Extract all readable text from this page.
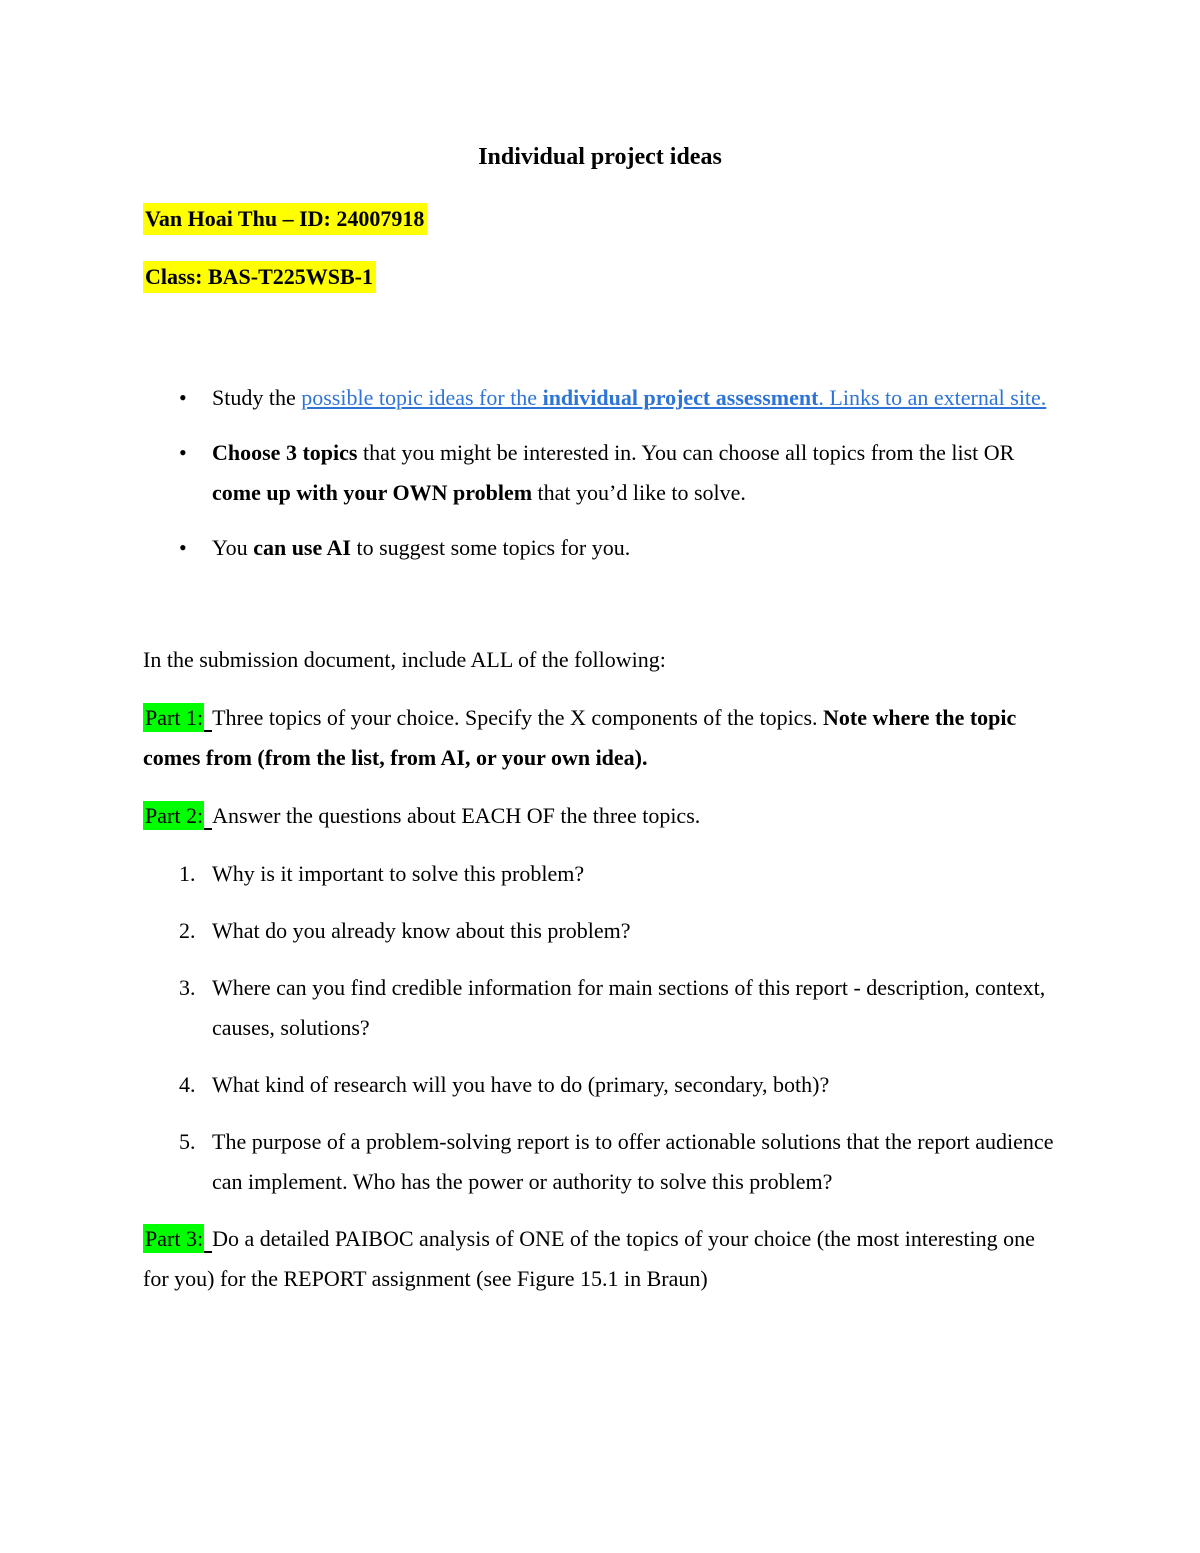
Individual project ideas

Van Hoai Thu – ID: 24007918

Class: BAS-T225WSB-1

• Study the possible topic ideas for the individual project assessment. Links to an external site.
• Choose 3 topics that you might be interested in. You can choose all topics from the list OR come up with your OWN problem that you’d like to solve.
• You can use AI to suggest some topics for you.

In the submission document, include ALL of the following:

Part 1: Three topics of your choice. Specify the X components of the topics. Note where the topic comes from (from the list, from AI, or your own idea).

Part 2: Answer the questions about EACH OF the three topics.

1. Why is it important to solve this problem?
2. What do you already know about this problem?
3. Where can you find credible information for main sections of this report - description, context, causes, solutions?
4. What kind of research will you have to do (primary, secondary, both)?
5. The purpose of a problem-solving report is to offer actionable solutions that the report audience can implement. Who has the power or authority to solve this problem?

Part 3: Do a detailed PAIBOC analysis of ONE of the topics of your choice (the most interesting one for you) for the REPORT assignment (see Figure 15.1 in Braun)
